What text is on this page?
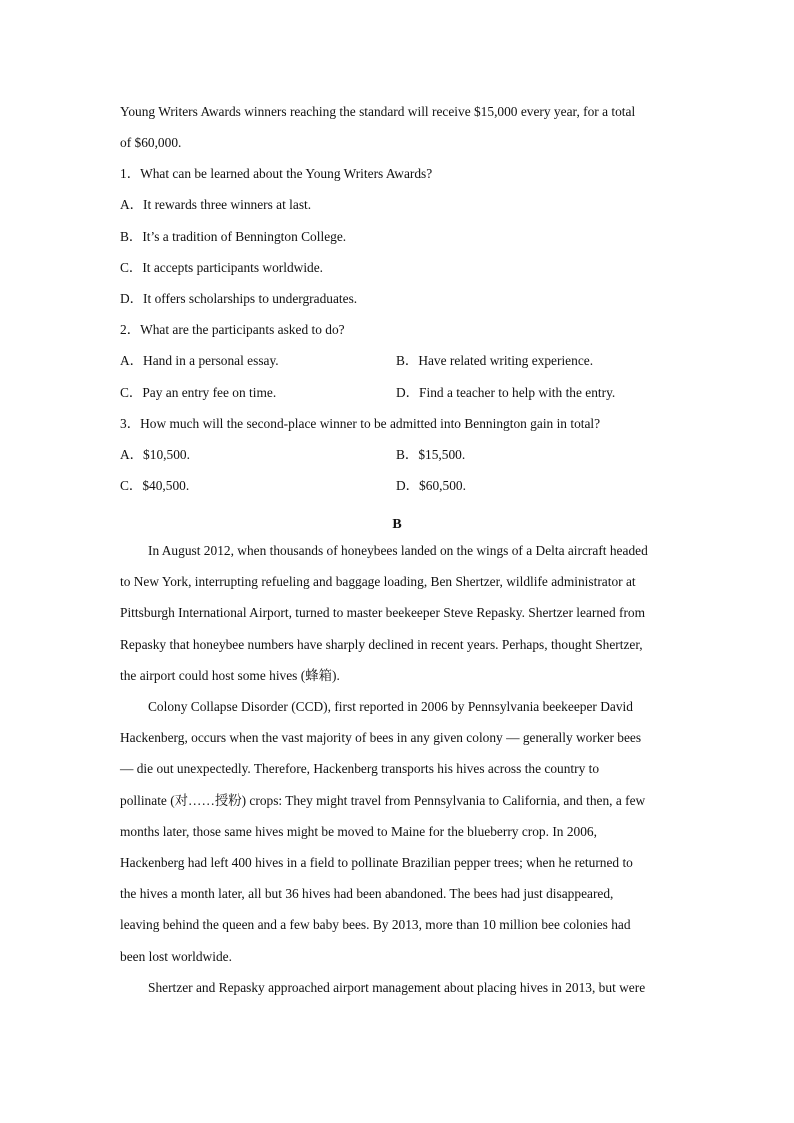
Young Writers Awards winners reaching the standard will receive $15,000 every year, for a total
of $60,000.
1．What can be learned about the Young Writers Awards?
A．It rewards three winners at last.
B．It’s a tradition of Bennington College.
C．It accepts participants worldwide.
D．It offers scholarships to undergraduates.
2．What are the participants asked to do?
A．Hand in a personal essay.	B．Have related writing experience.
C．Pay an entry fee on time.	D．Find a teacher to help with the entry.
3．How much will the second-place winner to be admitted into Bennington gain in total?
A．$10,500.	B．$15,500.
C．$40,500.	D．$60,500.
B
In August 2012, when thousands of honeybees landed on the wings of a Delta aircraft headed
to New York, interrupting refueling and baggage loading, Ben Shertzer, wildlife administrator at
Pittsburgh International Airport, turned to master beekeeper Steve Repasky. Shertzer learned from
Repasky that honeybee numbers have sharply declined in recent years. Perhaps, thought Shertzer,
the airport could host some hives (蜂箱).
Colony Collapse Disorder (CCD), first reported in 2006 by Pennsylvania beekeeper David
Hackenberg, occurs when the vast majority of bees in any given colony — generally worker bees
— die out unexpectedly. Therefore, Hackenberg transports his hives across the country to
pollinate (对……授粉) crops: They might travel from Pennsylvania to California, and then, a few
months later, those same hives might be moved to Maine for the blueberry crop. In 2006,
Hackenberg had left 400 hives in a field to pollinate Brazilian pepper trees; when he returned to
the hives a month later, all but 36 hives had been abandoned. The bees had just disappeared,
leaving behind the queen and a few baby bees. By 2013, more than 10 million bee colonies had
been lost worldwide.
Shertzer and Repasky approached airport management about placing hives in 2013, but were
